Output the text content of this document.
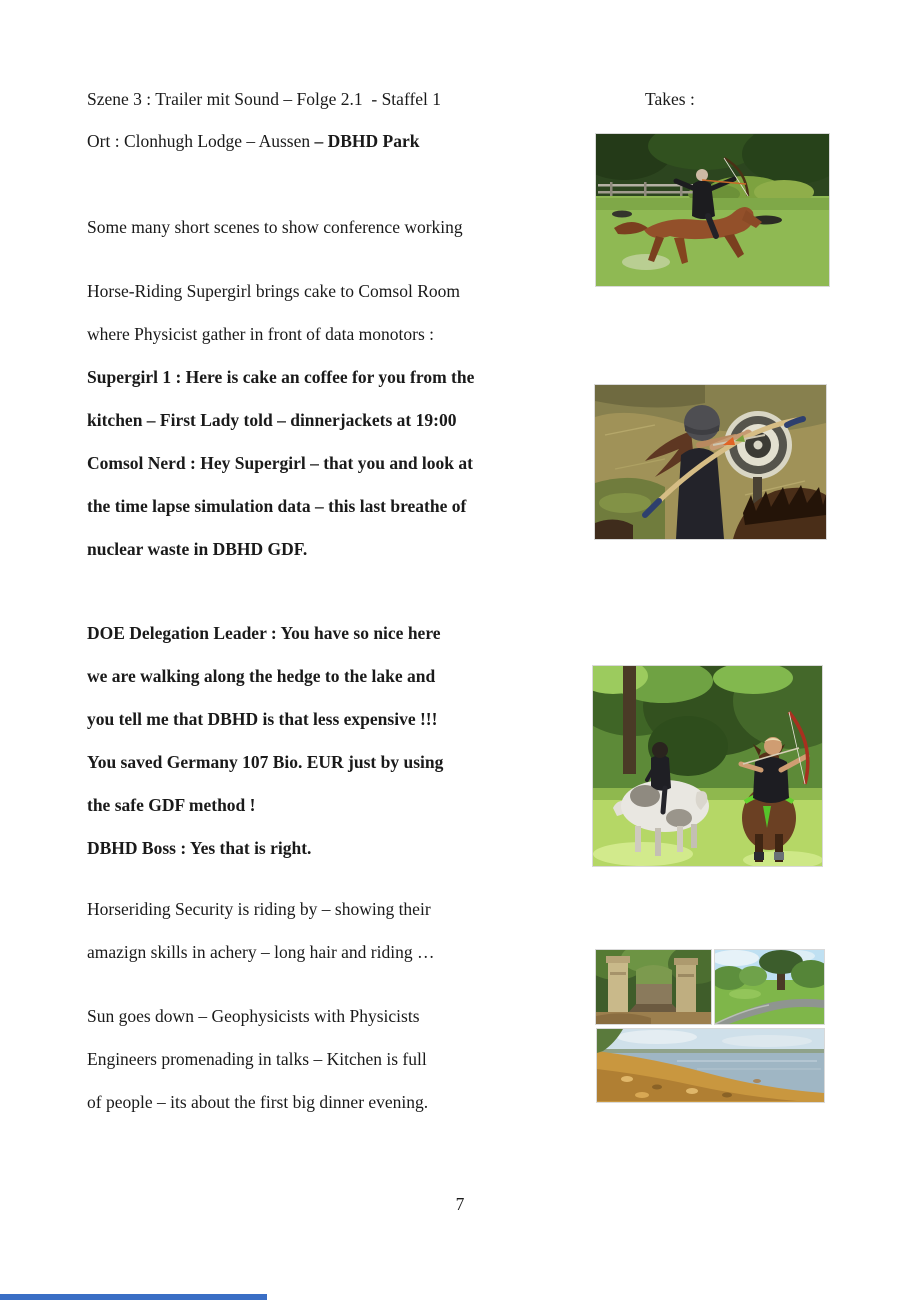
Szene 3 : Trailer mit Sound – Folge 2.1  - Staffel 1	Takes :
Ort : Clonhugh Lodge – Aussen – DBHD Park
Some many short scenes to show conference working
Horse-Riding Supergirl brings cake to Comsol Room
where Physicist gather in front of data monotors :
Supergirl 1 : Here is cake an coffee for you from the
kitchen – First Lady told – dinnerjackets at 19:00
Comsol Nerd : Hey Supergirl – that you and look at
the time lapse simulation data – this last breathe of
nuclear waste in DBHD GDF.
DOE Delegation Leader : You have so nice here
we are walking along the hedge to the lake and
you tell me that DBHD is that less expensive !!!
You saved Germany 107 Bio. EUR just by using
the safe GDF method !
DBHD Boss : Yes that is right.
Horseriding Security is riding by – showing their
amazign skills in achery – long hair and riding …
Sun goes down – Geophysicists with Physicists
Engineers promenading in talks – Kitchen is full
of people – its about the first big dinner evening.
7
